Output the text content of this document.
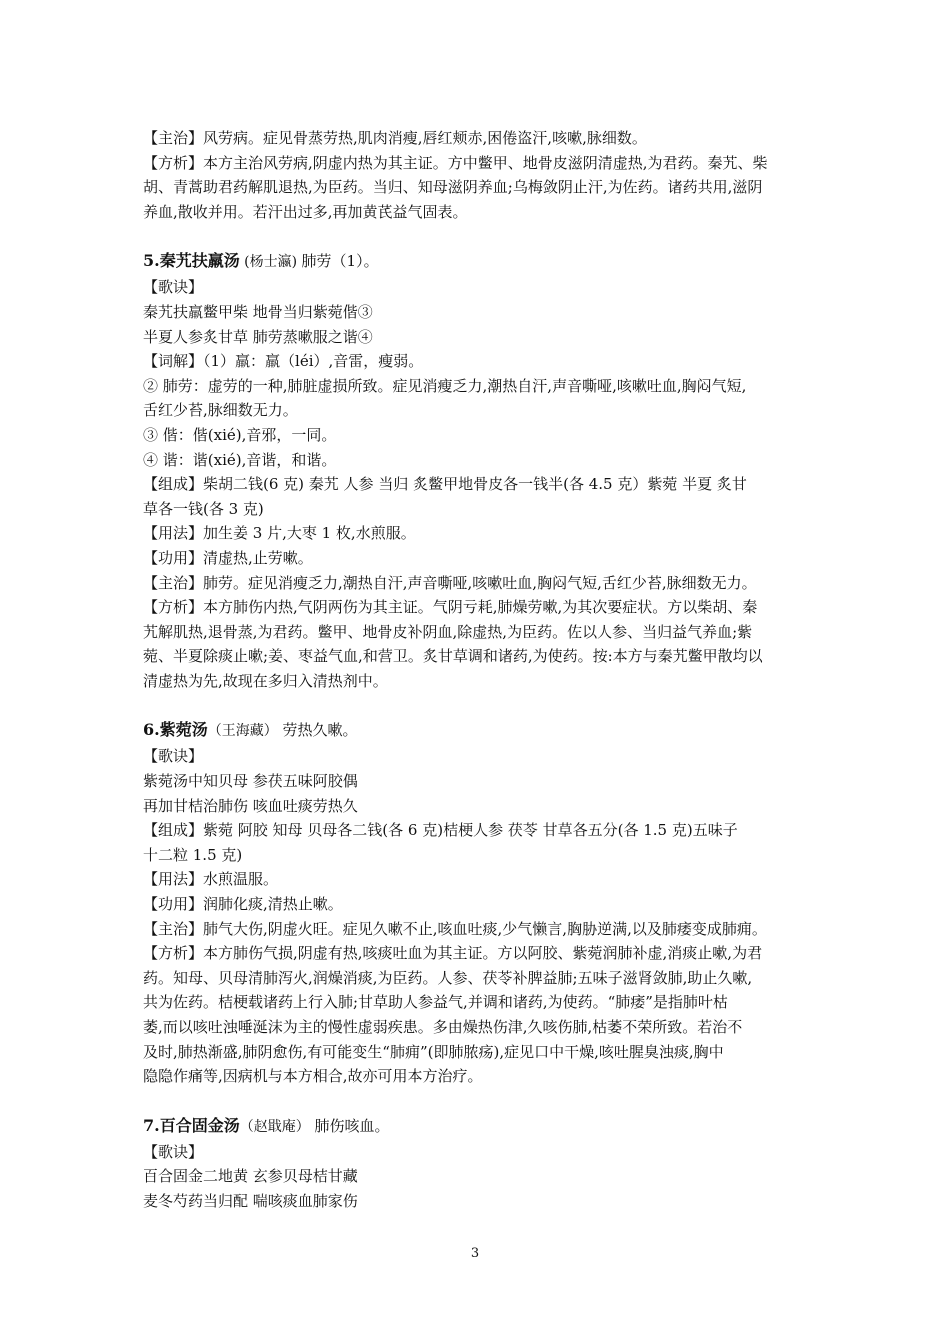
【主治】风劳病。症见骨蒸劳热,肌肉消瘦,唇红颊赤,困倦盗汗,咳嗽,脉细数。
【方析】本方主治风劳病,阴虚内热为其主证。方中鳖甲、地骨皮滋阴清虚热,为君药。秦艽、柴
胡、青蒿助君药解肌退热,为臣药。当归、知母滋阴养血;乌梅敛阴止汗,为佐药。诸药共用,滋阴
养血,散收并用。若汗出过多,再加黄芪益气固表。
5.秦艽扶羸汤 (杨士瀛) 肺劳（1）。
【歌诀】
秦艽扶羸鳖甲柴 地骨当归紫菀偕③
半夏人参炙甘草 肺劳蒸嗽服之谐④
【词解】（1）羸：羸（léi）,音雷，瘦弱。
② 肺劳：虚劳的一种,肺脏虚损所致。症见消瘦乏力,潮热自汗,声音嘶哑,咳嗽吐血,胸闷气短,
舌红少苔,脉细数无力。
③ 偕：偕(xié),音邪，一同。
④ 谐：谐(xié),音谐，和谐。
【组成】柴胡二钱(6 克) 秦艽 人参 当归 炙鳖甲地骨皮各一钱半(各 4.5 克）紫菀 半夏 炙甘
草各一钱(各 3 克)
【用法】加生姜 3 片,大枣 1 枚,水煎服。
【功用】清虚热,止劳嗽。
【主治】肺劳。症见消瘦乏力,潮热自汗,声音嘶哑,咳嗽吐血,胸闷气短,舌红少苔,脉细数无力。
【方析】本方肺伤内热,气阴两伤为其主证。气阴亏耗,肺燥劳嗽,为其次要症状。方以柴胡、秦
艽解肌热,退骨蒸,为君药。鳖甲、地骨皮补阴血,除虚热,为臣药。佐以人参、当归益气养血;紫
菀、半夏除痰止嗽;姜、枣益气血,和营卫。炙甘草调和诸药,为使药。按:本方与秦艽鳖甲散均以
清虚热为先,故现在多归入清热剂中。
6.紫菀汤（王海藏） 劳热久嗽。
【歌诀】
紫菀汤中知贝母 参茯五味阿胶偶
再加甘桔治肺伤 咳血吐痰劳热久
【组成】紫菀 阿胶 知母 贝母各二钱(各 6 克)桔梗人参 茯苓 甘草各五分(各 1.5 克)五味子
十二粒 1.5 克)
【用法】水煎温服。
【功用】润肺化痰,清热止嗽。
【主治】肺气大伤,阴虚火旺。症见久嗽不止,咳血吐痰,少气懒言,胸胁逆满,以及肺痿变成肺痈。
【方析】本方肺伤气损,阴虚有热,咳痰吐血为其主证。方以阿胶、紫菀润肺补虚,消痰止嗽,为君
药。知母、贝母清肺泻火,润燥消痰,为臣药。人参、茯苓补脾益肺;五味子滋肾敛肺,助止久嗽,
共为佐药。桔梗载诸药上行入肺;甘草助人参益气,并调和诸药,为使药。“肺痿”是指肺叶枯
萎,而以咳吐浊唾涎沫为主的慢性虚弱疾患。多由燥热伤津,久咳伤肺,枯萎不荣所致。若治不
及时,肺热渐盛,肺阴愈伤,有可能变生“肺痈”(即肺脓疡),症见口中干燥,咳吐腥臭浊痰,胸中
隐隐作痛等,因病机与本方相合,故亦可用本方治疗。
7.百合固金汤（赵戢庵） 肺伤咳血。
【歌诀】
百合固金二地黄 玄参贝母桔甘藏
麦冬芍药当归配 喘咳痰血肺家伤
3
